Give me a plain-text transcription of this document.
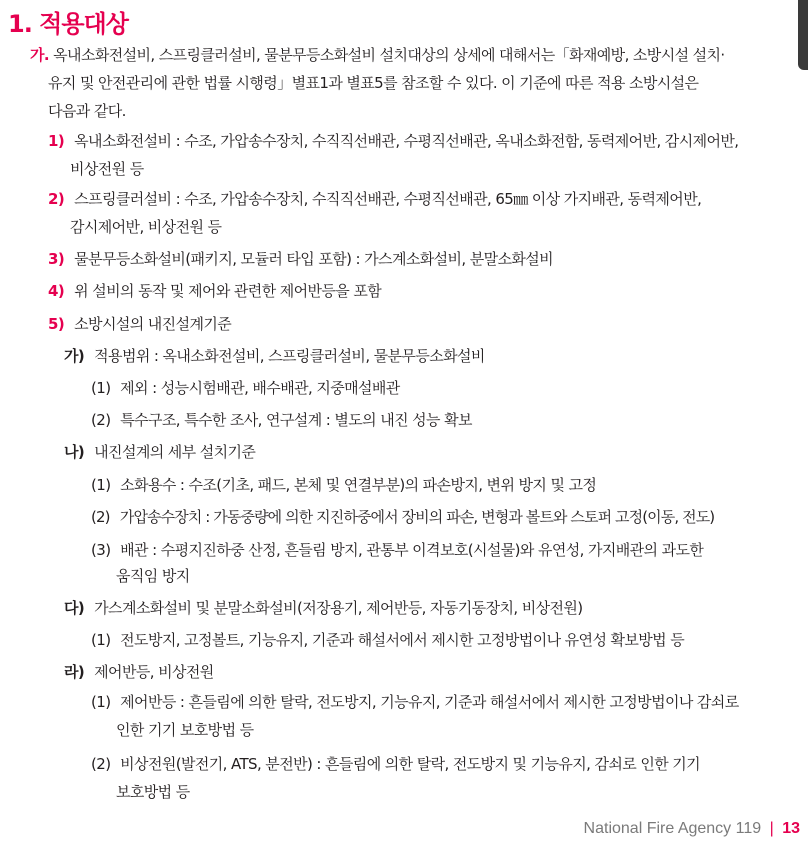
1. 적용대상
가. 옥내소화전설비, 스프링클러설비, 물분무등소화설비 설치대상의 상세에 대해서는「화재예방, 소방시설 설치·
유지 및 안전관리에 관한 법률 시행령」별표1과 별표5를 참조할 수 있다. 이 기준에 따른 적용 소방시설은
다음과 같다.
1) 옥내소화전설비 : 수조, 가압송수장치, 수직직선배관, 수평직선배관, 옥내소화전함, 동력제어반, 감시제어반,
비상전원 등
2) 스프링클러설비 : 수조, 가압송수장치, 수직직선배관, 수평직선배관, 65㎜ 이상 가지배관, 동력제어반,
감시제어반, 비상전원 등
3) 물분무등소화설비(패키지, 모듈러 타입 포함) : 가스계소화설비, 분말소화설비
4) 위 설비의 동작 및 제어와 관련한 제어반등을 포함
5) 소방시설의 내진설계기준
가) 적용범위 : 옥내소화전설비, 스프링클러설비, 물분무등소화설비
(1) 제외 : 성능시험배관, 배수배관, 지중매설배관
(2) 특수구조, 특수한 조사, 연구설계 : 별도의 내진 성능 확보
나) 내진설계의 세부 설치기준
(1) 소화용수 : 수조(기초, 패드, 본체 및 연결부분)의 파손방지, 변위 방지 및 고정
(2) 가압송수장치 : 가동중량에 의한 지진하중에서 장비의 파손, 변형과 볼트와 스토퍼 고정(이동, 전도)
(3) 배관 : 수평지진하중 산정, 흔들림 방지, 관통부 이격보호(시설물)와 유연성, 가지배관의 과도한
움직임 방지
다) 가스계소화설비 및 분말소화설비(저장용기, 제어반등, 자동기동장치, 비상전원)
(1) 전도방지, 고정볼트, 기능유지, 기준과 해설서에서 제시한 고정방법이나 유연성 확보방법 등
라) 제어반등, 비상전원
(1) 제어반등 : 흔들림에 의한 탈락, 전도방지, 기능유지, 기준과 해설서에서 제시한 고정방법이나 감쇠로
인한 기기 보호방법 등
(2) 비상전원(발전기, ATS, 분전반) : 흔들림에 의한 탈락, 전도방지 및 기능유지, 감쇠로 인한 기기
보호방법 등
National Fire Agency 119 | 13
